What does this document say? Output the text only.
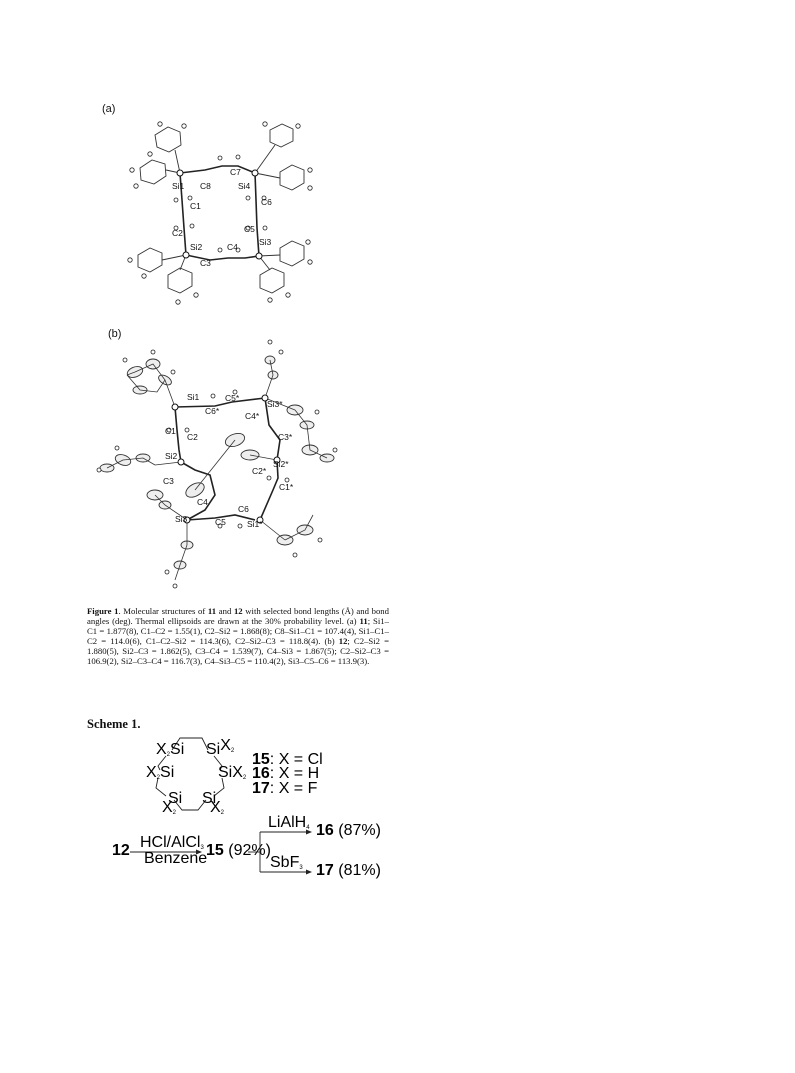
(a)
(b)
Si1 C8
C7
Si4
C1	C6
C2	C5
Si2	C4 Si3
C3
Si1	C5*
C6*
Si3*
C4*
C1
C2	C3*
Si2
Si2*
C2*
C1*
C3
C4
C6
C5
Si3	Si1*
Figure 1. Molecular structures of 11 and 12 with selected bond lengths (Å) and bond angles (deg). Thermal ellipsoids are drawn at the 30% probability level. (a) 11; Si1–C1 = 1.877(8), C1–C2 = 1.55(1), C2–Si2 = 1.868(8); C8–Si1–C1 = 107.4(4), Si1–C1–C2 = 114.0(6), C1–C2–Si2 = 114.3(6), C2–Si2–C3 = 118.8(4). (b) 12; C2–Si2 = 1.880(5), Si2–C3 = 1.862(5), C3–C4 = 1.539(7), C4–Si3 = 1.867(5); C2–Si2–C3 = 106.9(2), Si2–C3–C4 = 116.7(3), C4–Si3–C5 = 110.4(2), Si3–C5–C6 = 113.9(3).
Scheme 1.
X2Si SiX2
X2Si	SiX2
Si Si
X2 X2
15: X = Cl
16: X = H
17: X = F
12 HCl/AlCl3
Benzene
15 (92%)
LiAlH4 16 (87%)
SbF3 17 (81%)
